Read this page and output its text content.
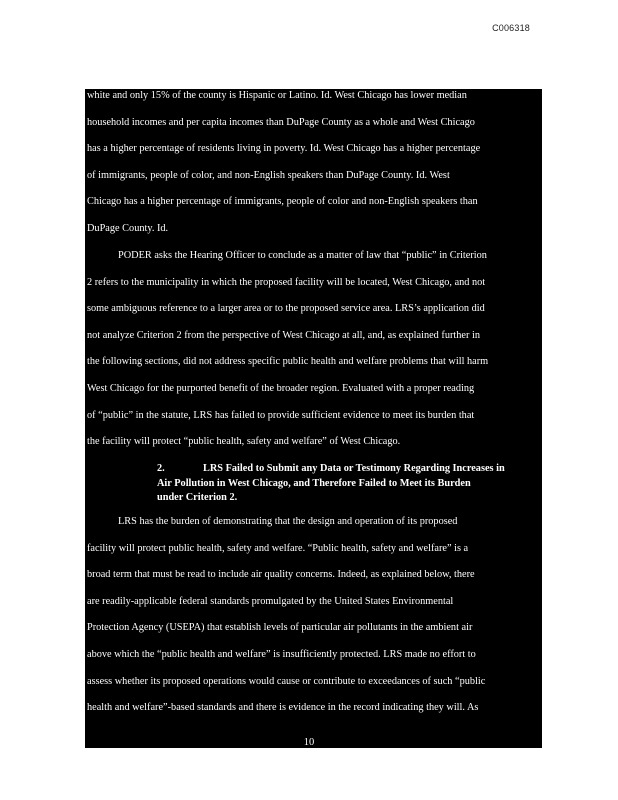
C006318
white and only 15% of the county is Hispanic or Latino. Id. West Chicago has lower median
household incomes and per capita incomes than DuPage County as a whole and West Chicago
has a higher percentage of residents living in poverty. Id. West Chicago has a higher percentage
of immigrants, people of color, and non-English speakers than DuPage County. Id. West
Chicago has a higher percentage of immigrants, people of color and non-English speakers than
DuPage County. Id.
PODER asks the Hearing Officer to conclude as a matter of law that “public” in Criterion
2 refers to the municipality in which the proposed facility will be located, West Chicago, and not
some ambiguous reference to a larger area or to the proposed service area. LRS’s application did
not analyze Criterion 2 from the perspective of West Chicago at all, and, as explained further in
the following sections, did not address specific public health and welfare problems that will harm
West Chicago for the purported benefit of the broader region. Evaluated with a proper reading
of “public” in the statute, LRS has failed to provide sufficient evidence to meet its burden that
the facility will protect “public health, safety and welfare” of West Chicago.
2.	LRS Failed to Submit any Data or Testimony Regarding Increases in
Air Pollution in West Chicago, and Therefore Failed to Meet its Burden
under Criterion 2.
LRS has the burden of demonstrating that the design and operation of its proposed
facility will protect public health, safety and welfare. “Public health, safety and welfare” is a
broad term that must be read to include air quality concerns. Indeed, as explained below, there
are readily-applicable federal standards promulgated by the United States Environmental
Protection Agency (USEPA) that establish levels of particular air pollutants in the ambient air
above which the “public health and welfare” is insufficiently protected. LRS made no effort to
assess whether its proposed operations would cause or contribute to exceedances of such “public
health and welfare”-based standards and there is evidence in the record indicating they will. As
10
